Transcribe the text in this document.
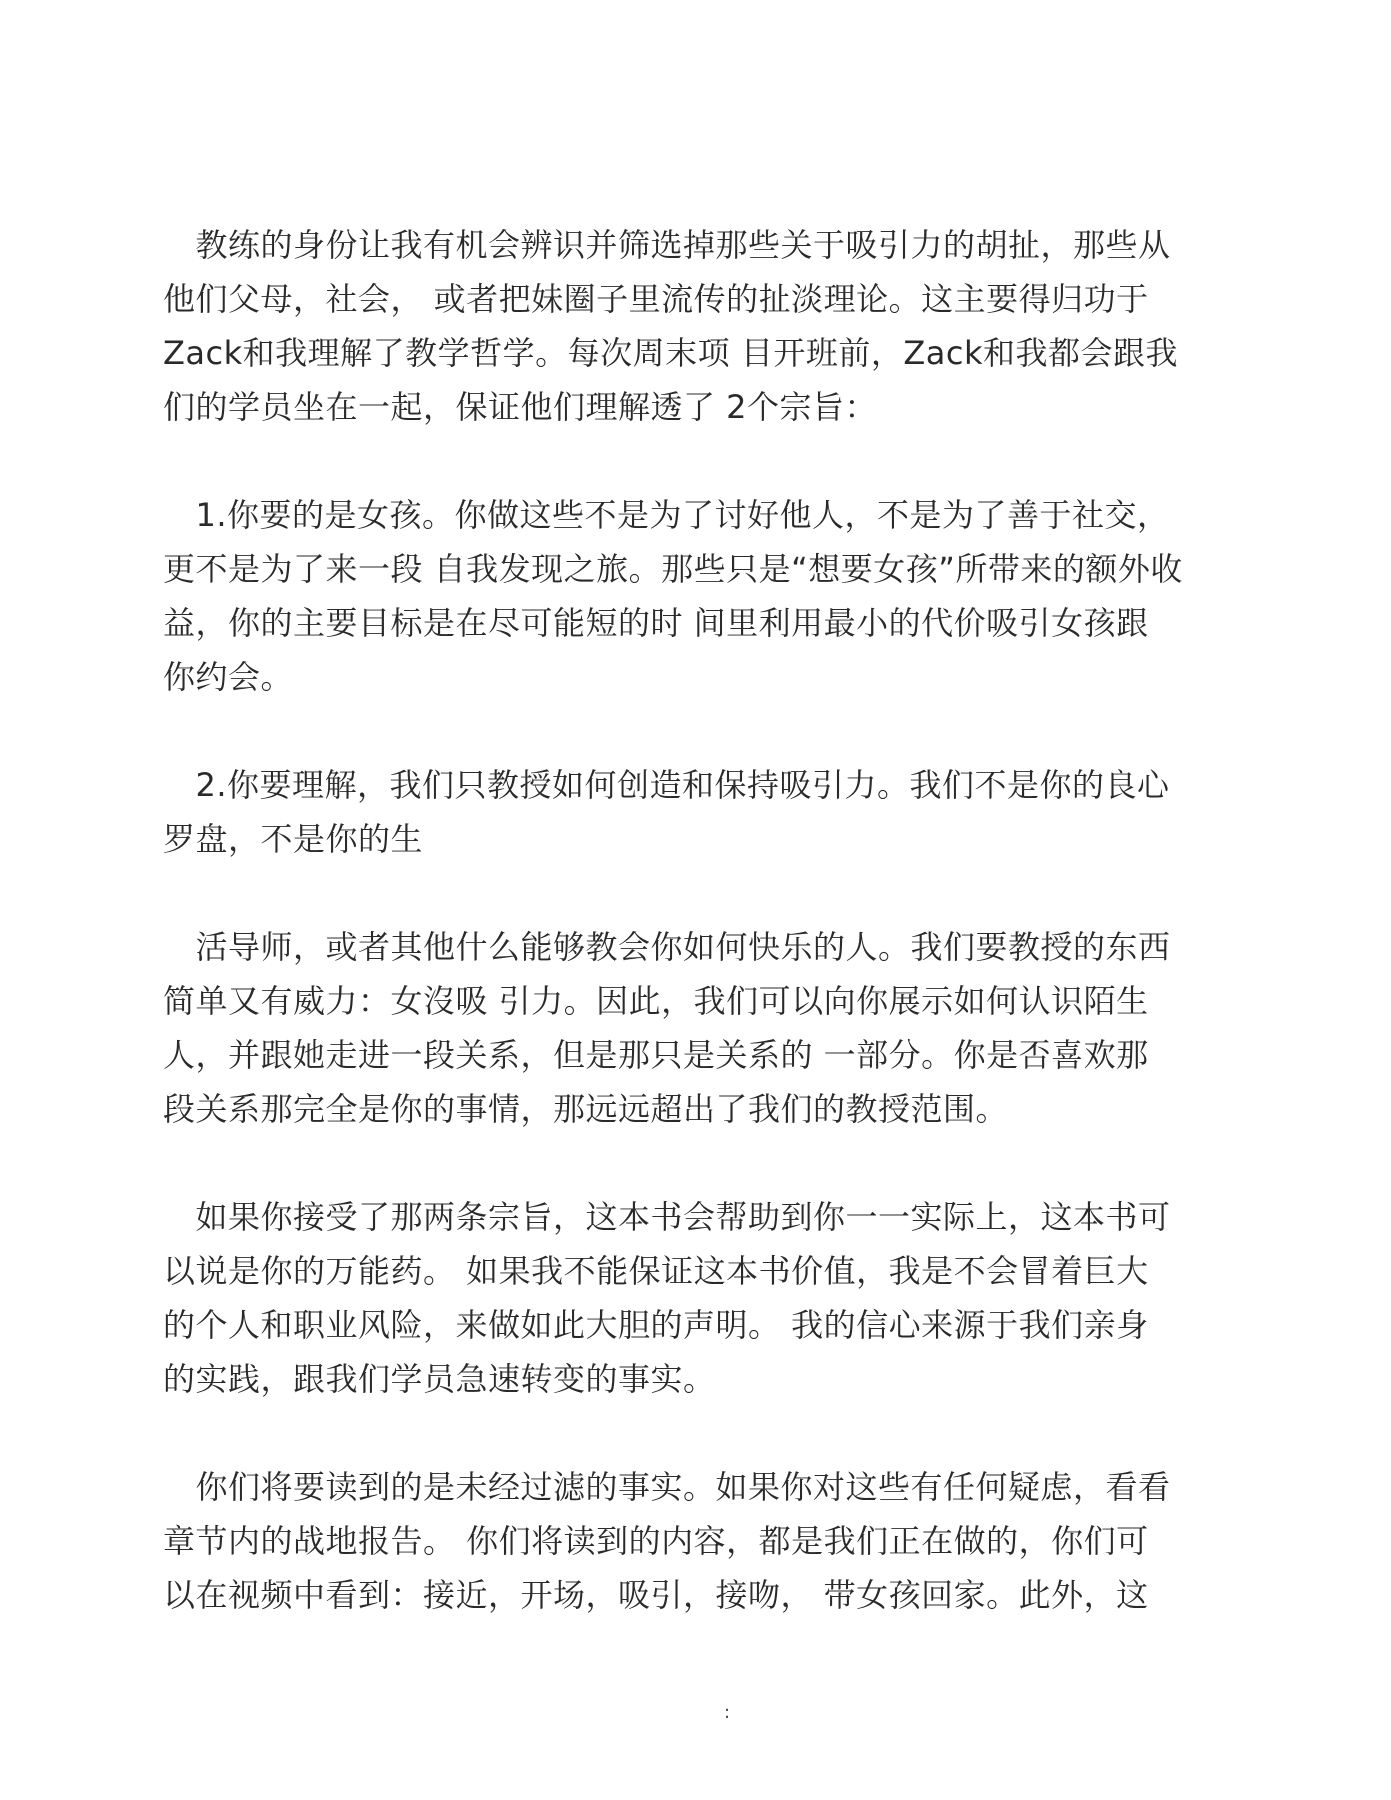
　教练的身份让我有机会辨识并筛选掉那些关于吸引力的胡扯，那些从
他们父母，社会， 或者把妹圈子里流传的扯淡理论。这主要得归功于
Zack和我理解了教学哲学。每次周末项 目开班前，Zack和我都会跟我
们的学员坐在一起，保证他们理解透了 2个宗旨：

　1.你要的是女孩。你做这些不是为了讨好他人，不是为了善于社交，
更不是为了来一段 自我发现之旅。那些只是“想要女孩”所带来的额外收
益，你的主要目标是在尽可能短的时 间里利用最小的代价吸引女孩跟
你约会。

　2.你要理解，我们只教授如何创造和保持吸引力。我们不是你的良心
罗盘，不是你的生

　活导师，或者其他什么能够教会你如何快乐的人。我们要教授的东西
简单又有威力：女沒吸 引力。因此，我们可以向你展示如何认识陌生
人，并跟她走进一段关系，但是那只是关系的 一部分。你是否喜欢那
段关系那完全是你的事情，那远远超出了我们的教授范围。

　如果你接受了那两条宗旨，这本书会帮助到你一一实际上，这本书可
以说是你的万能药。 如果我不能保证这本书价值，我是不会冒着巨大
的个人和职业风险，来做如此大胆的声明。 我的信心来源于我们亲身
的实践，跟我们学员急速转变的事实。

　你们将要读到的是未经过滤的事实。如果你对这些有任何疑虑，看看
章节内的战地报告。 你们将读到的内容，都是我们正在做的，你们可
以在视频中看到：接近，开场，吸引，接吻， 带女孩回家。此外，这

:
